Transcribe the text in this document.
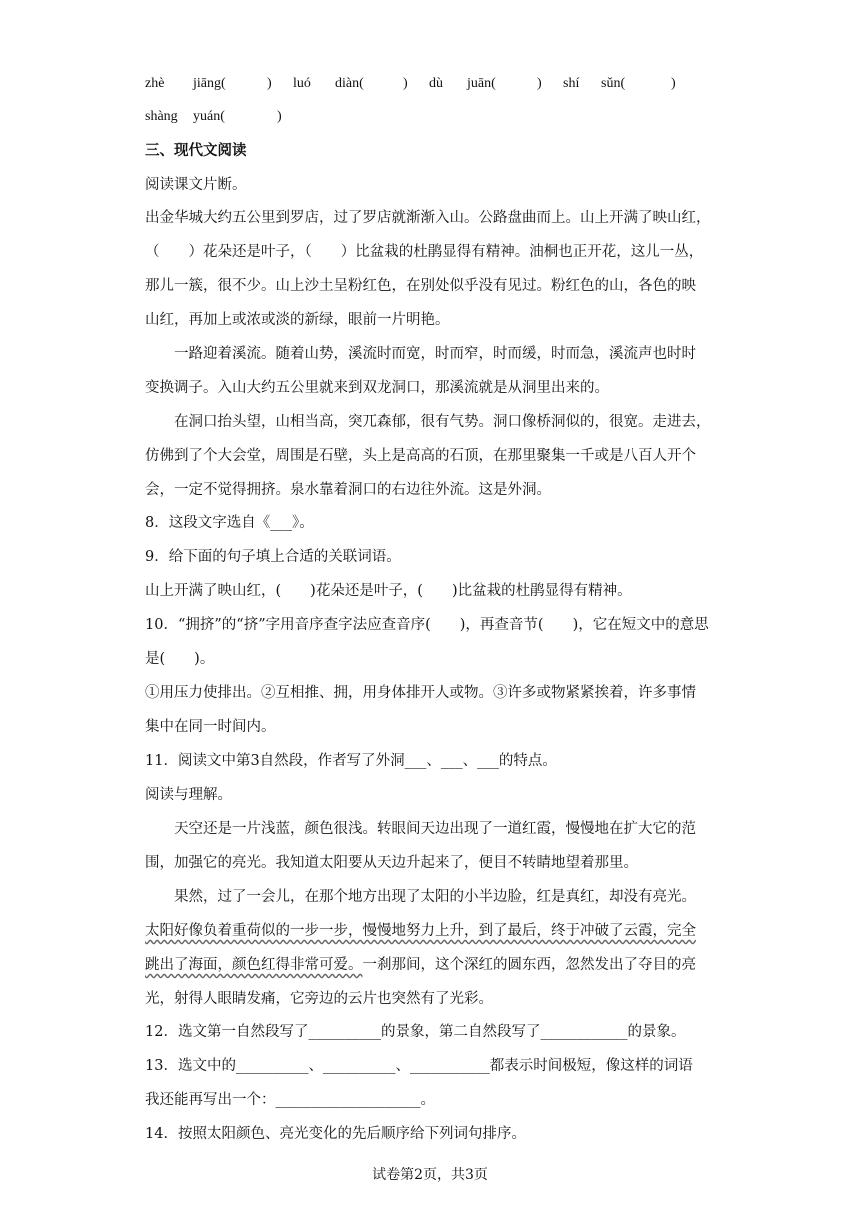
zhè jiāng(	) luó diàn(	) dù juān(	) shí sǔn(	)
shàng yuán(	)
三、现代文阅读
阅读课文片断。
出金华城大约五公里到罗店，过了罗店就渐渐入山。公路盘曲而上。山上开满了映山红，
（　　）花朵还是叶子，（　　）比盆栽的杜鹃显得有精神。油桐也正开花，这儿一丛，
那儿一簇，很不少。山上沙土呈粉红色，在别处似乎没有见过。粉红色的山，各色的映
山红，再加上或浓或淡的新绿，眼前一片明艳。
一路迎着溪流。随着山势，溪流时而宽，时而窄，时而缓，时而急，溪流声也时时
变换调子。入山大约五公里就来到双龙洞口，那溪流就是从洞里出来的。
在洞口抬头望，山相当高，突兀森郁，很有气势。洞口像桥洞似的，很宽。走进去，
仿佛到了个大会堂，周围是石壁，头上是高高的石顶，在那里聚集一千或是八百人开个
会，一定不觉得拥挤。泉水靠着洞口的右边往外流。这是外洞。
8．这段文字选自《___》。
9．给下面的句子填上合适的关联词语。
山上开满了映山红，(　　)花朵还是叶子，(　　)比盆栽的杜鹃显得有精神。
10．“拥挤”的“挤”字用音序查字法应查音序(　　)，再查音节(　　)，它在短文中的意思
是(　　)。
①用压力使排出。②互相推、拥，用身体排开人或物。③许多或物紧紧挨着，许多事情
集中在同一时间内。
11．阅读文中第3自然段，作者写了外洞___、___、___的特点。
阅读与理解。
天空还是一片浅蓝，颜色很浅。转眼间天边出现了一道红霞，慢慢地在扩大它的范
围，加强它的亮光。我知道太阳要从天边升起来了，便目不转睛地望着那里。
果然，过了一会儿，在那个地方出现了太阳的小半边脸，红是真红，却没有亮光。
太阳好像负着重荷似的一步一步，慢慢地努力上升，到了最后，终于冲破了云霞，完全
跳出了海面，颜色红得非常可爱。一刹那间，这个深红的圆东西，忽然发出了夺目的亮
光，射得人眼睛发痛，它旁边的云片也突然有了光彩。
12．选文第一自然段写了__________的景象，第二自然段写了____________的景象。
13．选文中的__________、__________、___________都表示时间极短，像这样的词语
我还能再写出一个：____________________。
14．按照太阳颜色、亮光变化的先后顺序给下列词句排序。
试卷第2页，共3页
